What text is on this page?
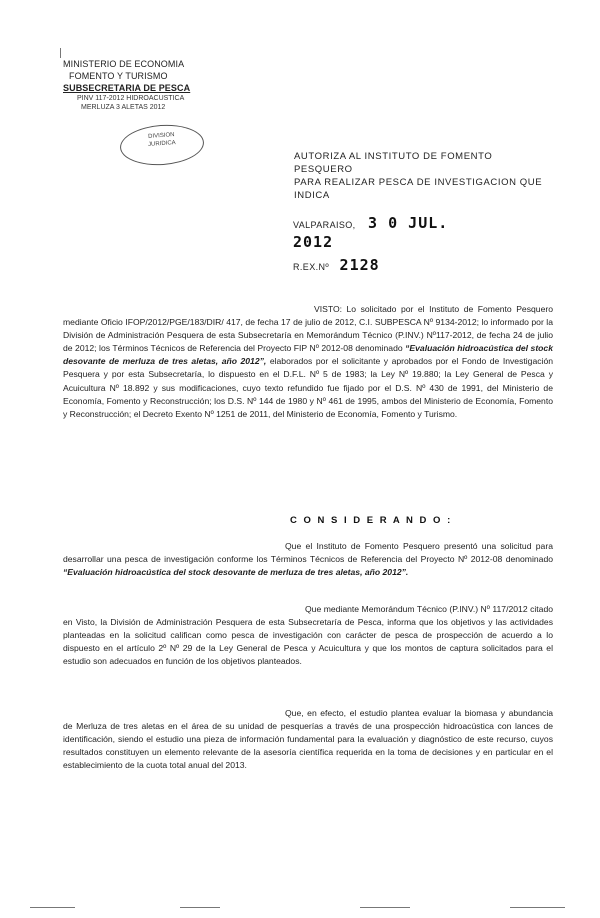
MINISTERIO DE ECONOMIA
FOMENTO Y TURISMO
SUBSECRETARIA DE PESCA
PINV 117-2012 HIDROACUSTICA
MERLUZA 3 ALETAS 2012
DIVISION
JURIDICA
AUTORIZA AL INSTITUTO DE FOMENTO PESQUERO
PARA REALIZAR PESCA DE INVESTIGACION QUE
INDICA
VALPARAISO, 3 0 JUL. 2012
R.EX.Nº 2128
VISTO: Lo solicitado por el Instituto de Fomento Pesquero mediante Oficio IFOP/2012/PGE/183/DIR/ 417, de fecha 17 de julio de 2012, C.I. SUBPESCA Nº 9134-2012; lo informado por la División de Administración Pesquera de esta Subsecretaría en Memorándum Técnico (P.INV.) Nº117-2012, de fecha 24 de julio de 2012; los Términos Técnicos de Referencia del Proyecto FIP Nº 2012-08 denominado “Evaluación hidroacústica del stock desovante de merluza de tres aletas, año 2012”, elaborados por el solicitante y aprobados por el Fondo de Investigación Pesquera y por esta Subsecretaría, lo dispuesto en el D.F.L. Nº 5 de 1983; la Ley Nº 19.880; la Ley General de Pesca y Acuicultura Nº 18.892 y sus modificaciones, cuyo texto refundido fue fijado por el D.S. Nº 430 de 1991, del Ministerio de Economía, Fomento y Reconstrucción; los D.S. Nº 144 de 1980 y Nº 461 de 1995, ambos del Ministerio de Economía, Fomento y Reconstrucción; el Decreto Exento Nº 1251 de 2011, del Ministerio de Economía, Fomento y Turismo.
C O N S I D E R A N D O :
Que el Instituto de Fomento Pesquero presentó una solicitud para desarrollar una pesca de investigación conforme los Términos Técnicos de Referencia del Proyecto Nº 2012-08 denominado “Evaluación hidroacústica del stock desovante de merluza de tres aletas, año 2012”.
Que mediante Memorándum Técnico (P.INV.) Nº 117/2012 citado en Visto, la División de Administración Pesquera de esta Subsecretaría de Pesca, informa que los objetivos y las actividades planteadas en la solicitud califican como pesca de investigación con carácter de pesca de prospección de acuerdo a lo dispuesto en el artículo 2º Nº 29 de la Ley General de Pesca y Acuicultura y que los montos de captura solicitados para el estudio son adecuados en función de los objetivos planteados.
Que, en efecto, el estudio plantea evaluar la biomasa y abundancia de Merluza de tres aletas en el área de su unidad de pesquerías a través de una prospección hidroacústica con lances de identificación, siendo el estudio una pieza de información fundamental para la evaluación y diagnóstico de este recurso, cuyos resultados constituyen un elemento relevante de la asesoría científica requerida en la toma de decisiones y en particular en el establecimiento de la cuota total anual del 2013.
